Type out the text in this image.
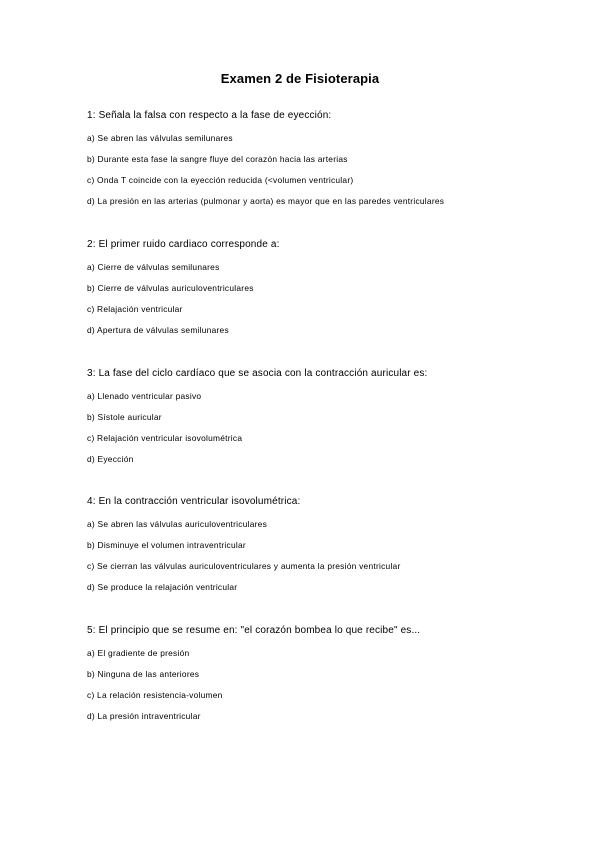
Examen 2 de Fisioterapia
1: Señala la falsa con respecto a la fase de eyección:
a) Se abren las válvulas semilunares
b) Durante esta fase la sangre fluye del corazón hacia las arterias
c) Onda T coincide con la eyección reducida (<volumen ventricular)
d) La presión en las arterias (pulmonar y aorta) es mayor que en las paredes ventriculares
2: El primer ruido cardiaco corresponde a:
a) Cierre de válvulas semilunares
b) Cierre de válvulas auriculoventriculares
c) Relajación ventricular
d) Apertura de válvulas semilunares
3: La fase del ciclo cardíaco que se asocia con la contracción auricular es:
a) Llenado ventricular pasivo
b) Sístole auricular
c) Relajación ventricular isovolumétrica
d) Eyección
4: En la contracción ventricular isovolumétrica:
a) Se abren las válvulas auriculoventriculares
b) Disminuye el volumen intraventricular
c) Se cierran las válvulas auriculoventriculares y aumenta la presión ventricular
d) Se produce la relajación ventricular
5: El principio que se resume en: "el corazón bombea lo que recibe" es...
a) El gradiente de presión
b) Ninguna de las anteriores
c) La relación resistencia-volumen
d) La presión intraventricular
